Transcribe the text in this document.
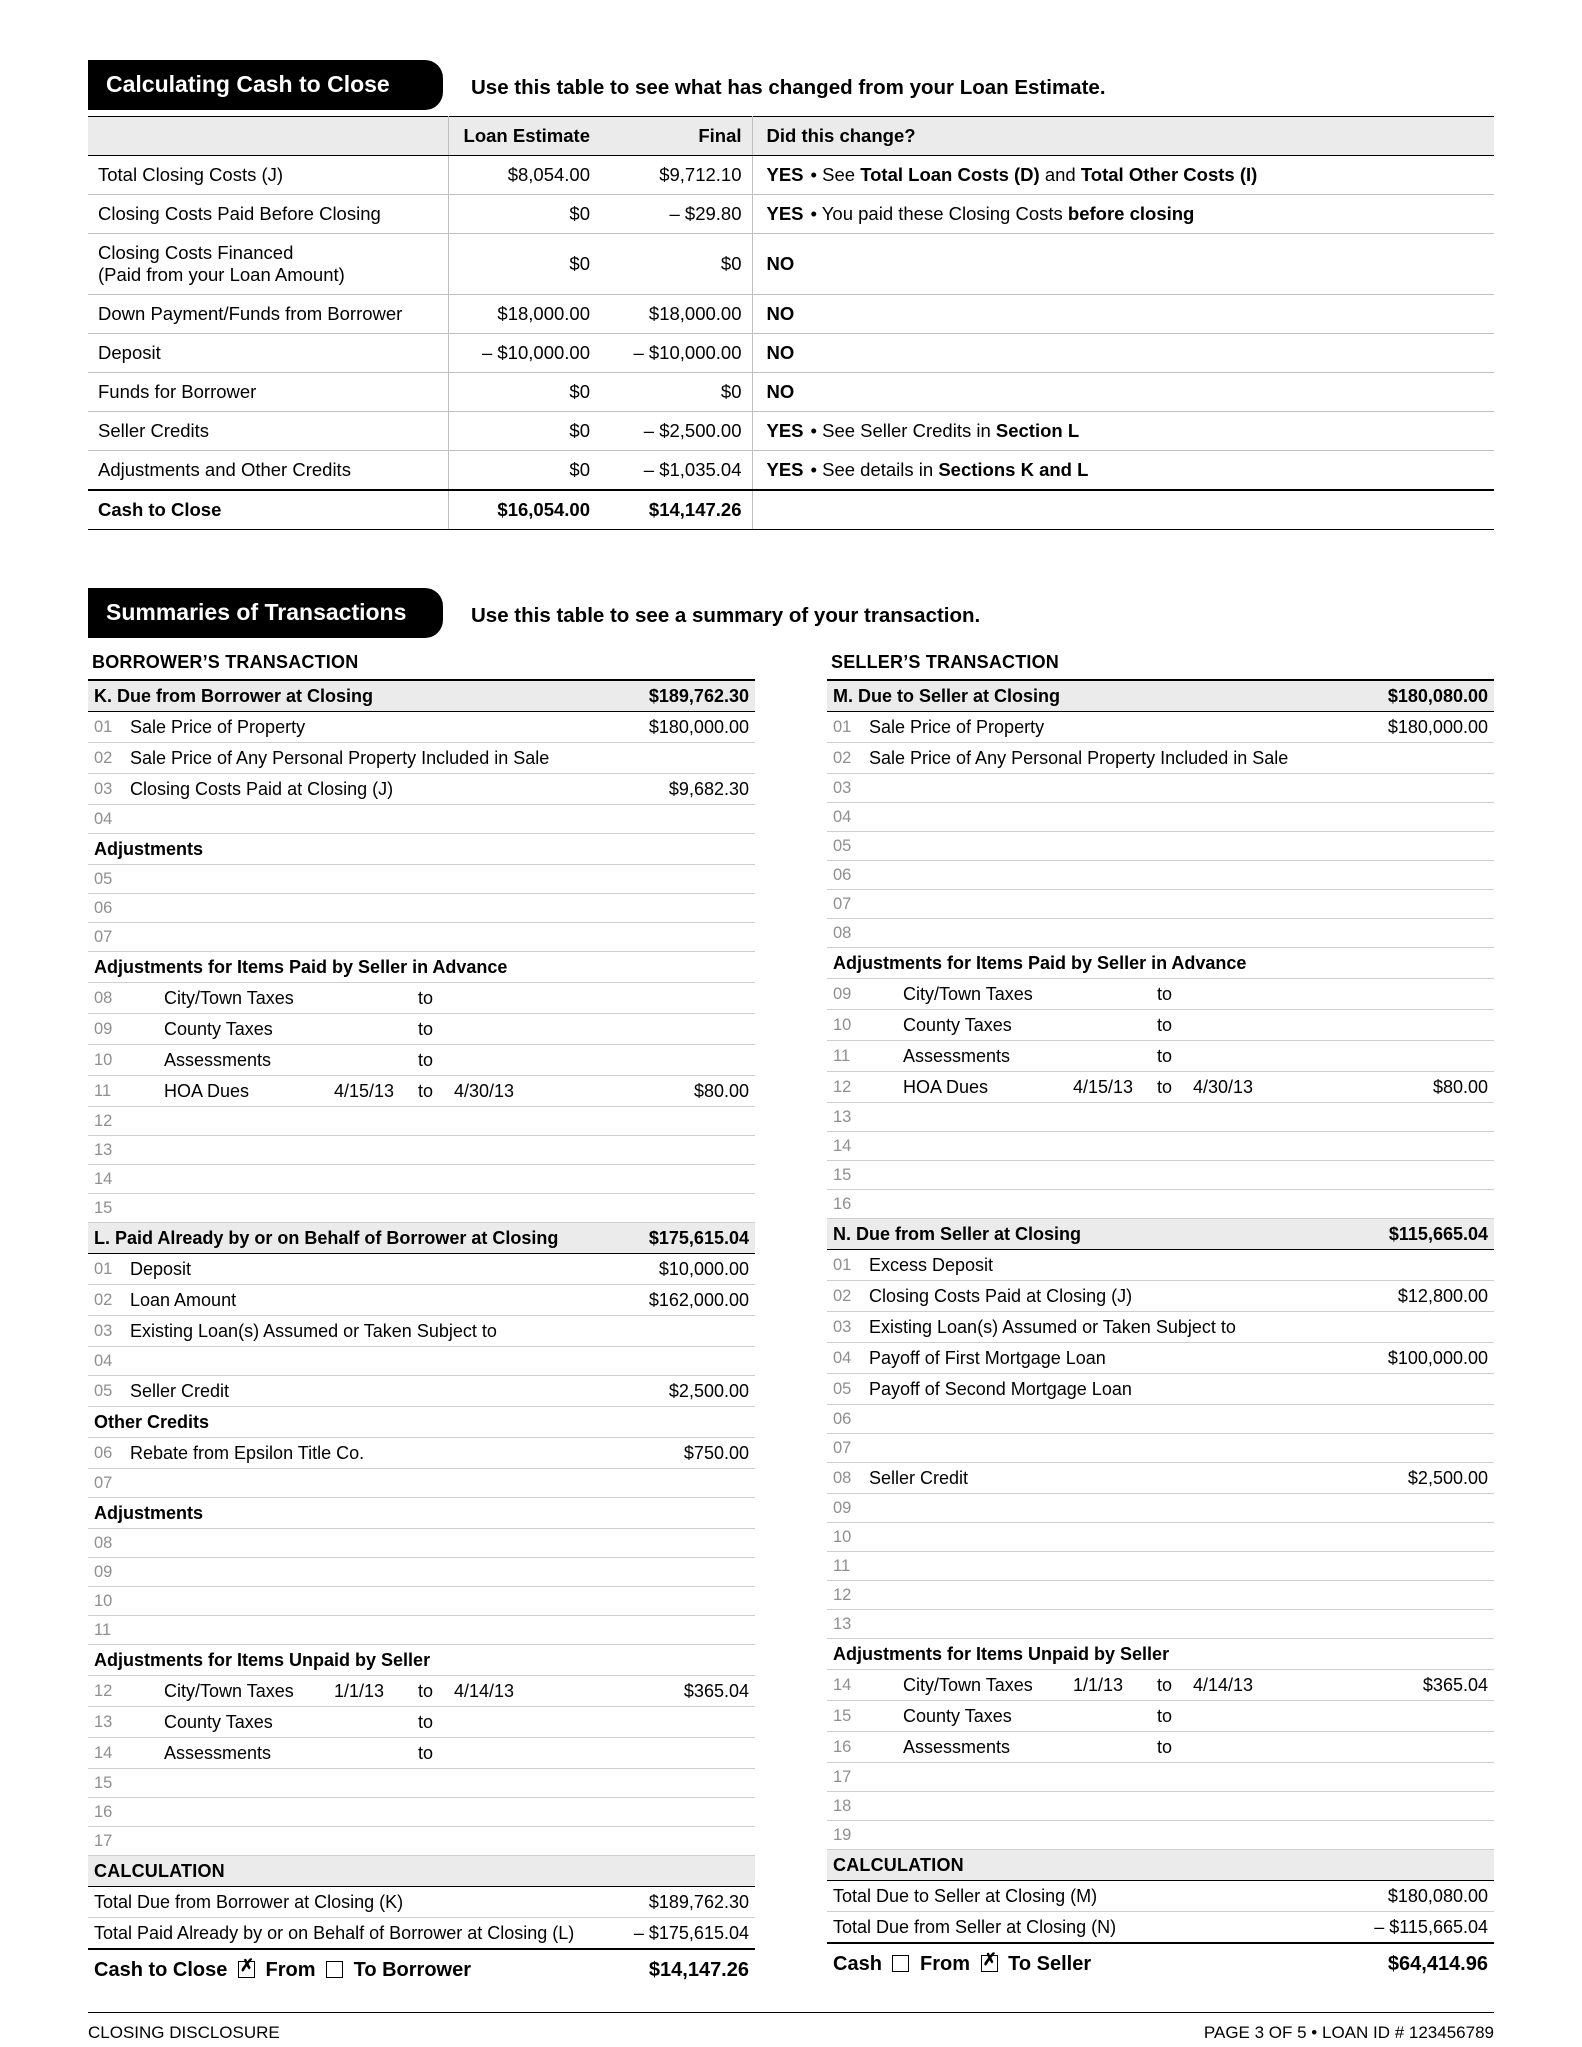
Calculating Cash to Close	Use this table to see what has changed from your Loan Estimate.
	Loan Estimate	Final	Did this change?
Total Closing Costs (J)	$8,054.00	$9,712.10	YES • See Total Loan Costs (D) and Total Other Costs (I)
Closing Costs Paid Before Closing	$0	– $29.80	YES • You paid these Closing Costs before closing
Closing Costs Financed
(Paid from your Loan Amount)	$0	$0	NO
Down Payment/Funds from Borrower	$18,000.00	$18,000.00	NO
Deposit	– $10,000.00	– $10,000.00	NO
Funds for Borrower	$0	$0	NO
Seller Credits	$0	– $2,500.00	YES • See Seller Credits in Section L
Adjustments and Other Credits	$0	– $1,035.04	YES • See details in Sections K and L
Cash to Close	$16,054.00	$14,147.26	
Summaries of Transactions	Use this table to see a summary of your transaction.
BORROWER’S TRANSACTION
K. Due from Borrower at Closing		$189,762.30
01	Sale Price of Property	$180,000.00
02	Sale Price of Any Personal Property Included in Sale	
03	Closing Costs Paid at Closing (J)	$9,682.30
04		
Adjustments		
05		
06		
07		
Adjustments for Items Paid by Seller in Advance		
08	City/Town Taxes to	

09	County Taxes to	

10	Assessments to	

11	HOA Dues 4/15/13 to 4/30/13	$80.00
12		
13		
14		
15		
L. Paid Already by or on Behalf of Borrower at Closing		$175,615.04
01	Deposit	$10,000.00
02	Loan Amount	$162,000.00
03	Existing Loan(s) Assumed or Taken Subject to	
04		
05	Seller Credit	$2,500.00
Other Credits		
06	Rebate from Epsilon Title Co.	$750.00
07		
Adjustments		
08		
09		
10		
11		
Adjustments for Items Unpaid by Seller		
12	City/Town Taxes 1/1/13 to 4/14/13	$365.04
13	County Taxes to	

14	Assessments to	

15		
16		
17		
CALCULATION		
Total Due from Borrower at Closing (K)		$189,762.30
Total Paid Already by or on Behalf of Borrower at Closing (L)		– $175,615.04
Cash to Close ✗ From  To Borrower		$14,147.26
SELLER’S TRANSACTION
M. Due to Seller at Closing		$180,080.00
01	Sale Price of Property	$180,000.00
02	Sale Price of Any Personal Property Included in Sale	
03		
04		
05		
06		
07		
08		
Adjustments for Items Paid by Seller in Advance		
09	City/Town Taxes to	

10	County Taxes to	

11	Assessments to	

12	HOA Dues 4/15/13 to 4/30/13	$80.00
13		
14		
15		
16		
N. Due from Seller at Closing		$115,665.04
01	Excess Deposit	
02	Closing Costs Paid at Closing (J)	$12,800.00
03	Existing Loan(s) Assumed or Taken Subject to	
04	Payoff of First Mortgage Loan	$100,000.00
05	Payoff of Second Mortgage Loan	
06		
07		
08	Seller Credit	$2,500.00
09		
10		
11		
12		
13		
Adjustments for Items Unpaid by Seller		
14	City/Town Taxes 1/1/13 to 4/14/13	$365.04
15	County Taxes to	

16	Assessments to	

17		
18		
19		
CALCULATION		
Total Due to Seller at Closing (M)		$180,080.00
Total Due from Seller at Closing (N)		– $115,665.04
Cash  From ✗ To Seller		$64,414.96
CLOSING DISCLOSURE	PAGE 3 OF 5 • LOAN ID # 123456789
